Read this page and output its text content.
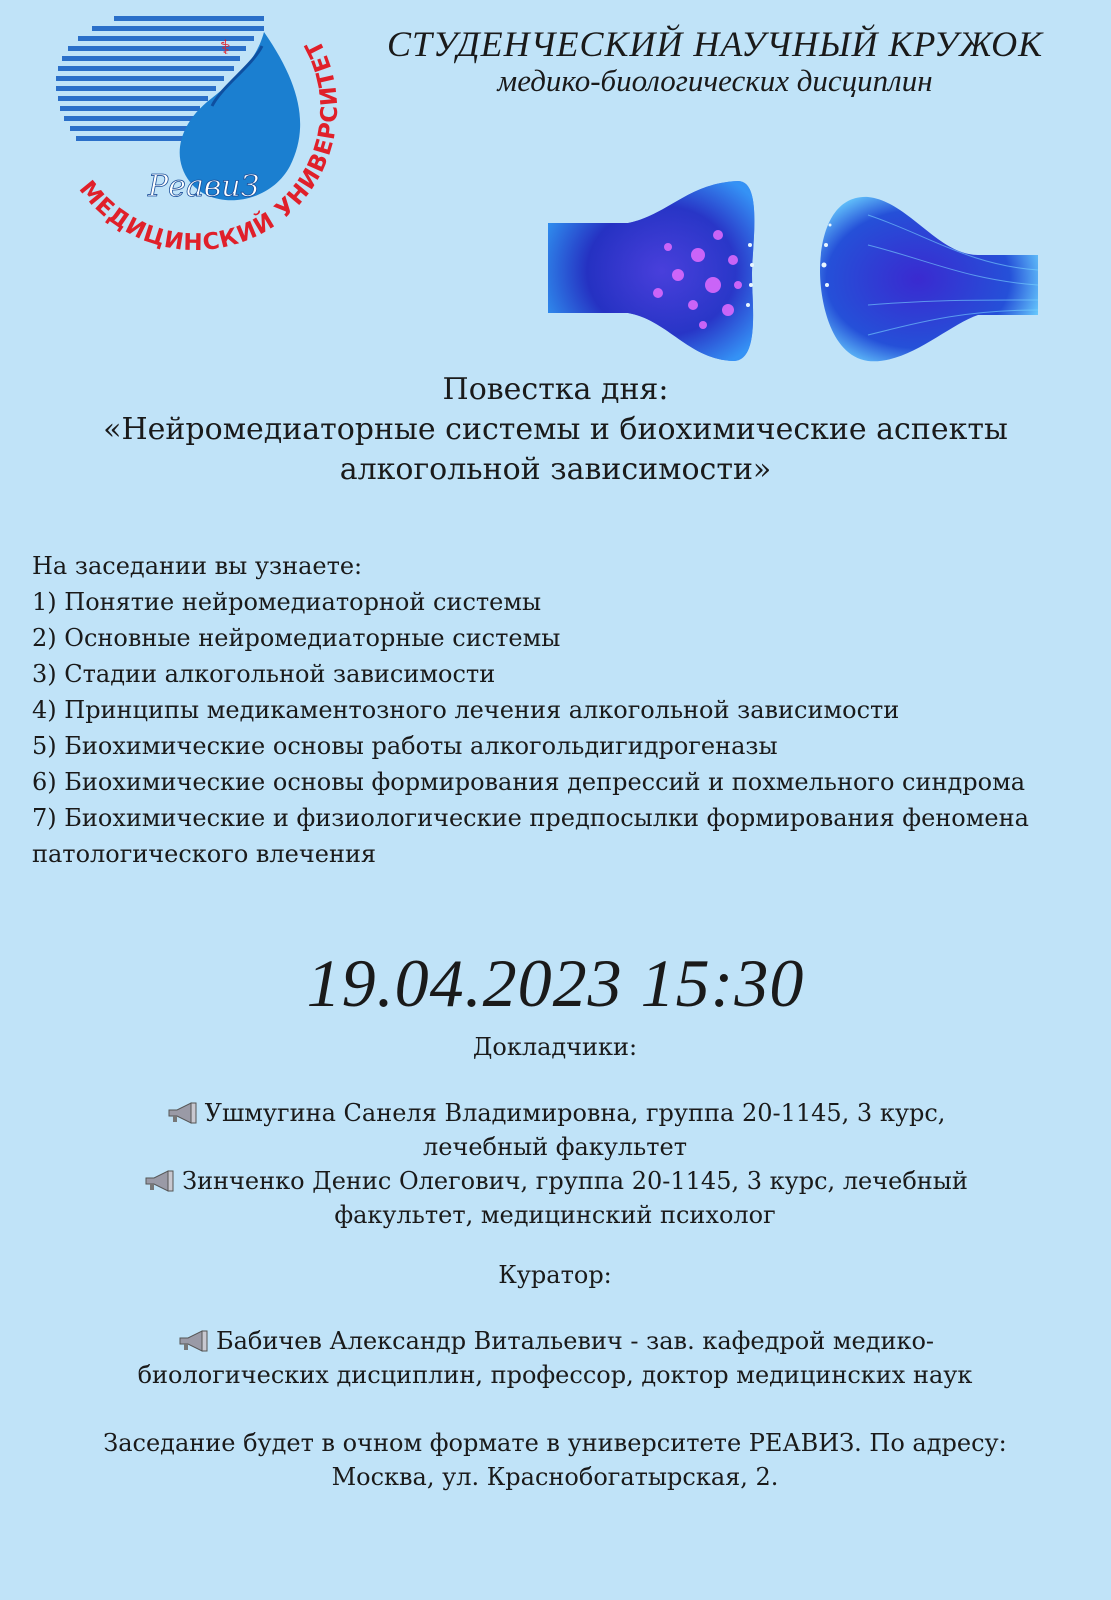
⚕
РеавиЗ
МЕДИЦИНСКИЙ УНИВЕРСИТЕТ	СТУДЕНЧЕСКИЙ НАУЧНЫЙ КРУЖОК
медико-биологических дисциплин
Повестка дня:
«Нейромедиаторные системы и биохимические аспекты алкогольной зависимости»
На заседании вы узнаете:
1) Понятие нейромедиаторной системы
2) Основные нейромедиаторные системы
3) Стадии алкогольной зависимости
4) Принципы медикаментозного лечения алкогольной зависимости
5) Биохимические основы работы алкогольдигидрогеназы
6) Биохимические основы формирования депрессий и похмельного синдрома
7) Биохимические и физиологические предпосылки формирования феномена патологического влечения
19.04.2023 15:30
Докладчики:
Ушмугина Санеля Владимировна, группа 20-1145, 3 курс, лечебный факультет
Зинченко Денис Олегович, группа 20-1145, 3 курс, лечебный факультет, медицинский психолог
Куратор:
Бабичев Александр Витальевич - зав. кафедрой медико-биологических дисциплин, профессор, доктор медицинских наук
Заседание будет в очном формате в университете РЕАВИЗ. По адресу: Москва, ул. Краснобогатырская, 2.
